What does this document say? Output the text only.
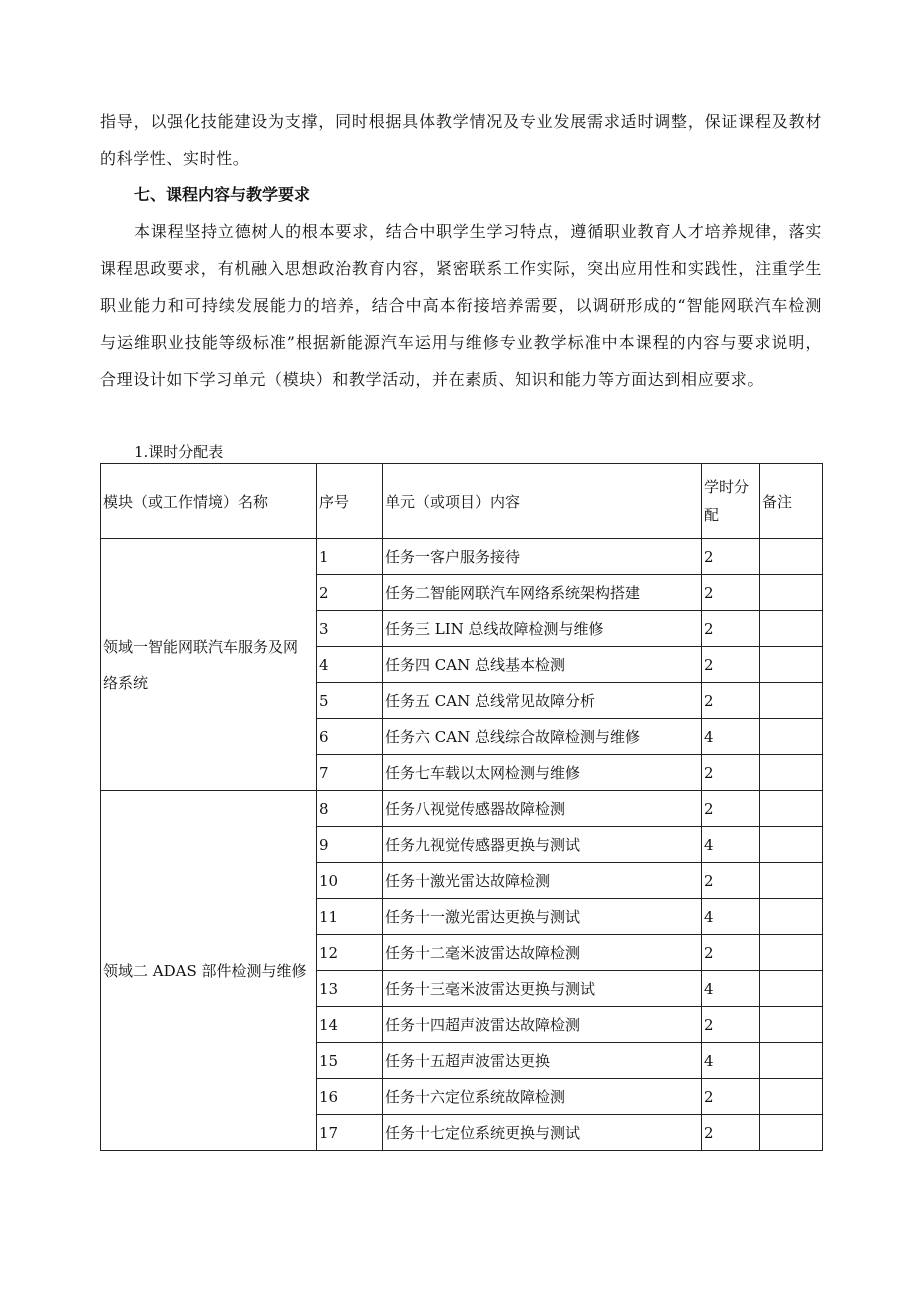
指导，以强化技能建设为支撑，同时根据具体教学情况及专业发展需求适时调整，保证课程及教材的科学性、实时性。

七、课程内容与教学要求

本课程坚持立德树人的根本要求，结合中职学生学习特点，遵循职业教育人才培养规律，落实课程思政要求，有机融入思想政治教育内容，紧密联系工作实际，突出应用性和实践性，注重学生职业能力和可持续发展能力的培养，结合中高本衔接培养需要，以调研形成的“智能网联汽车检测与运维职业技能等级标准”根据新能源汽车运用与维修专业教学标准中本课程的内容与要求说明，合理设计如下学习单元（模块）和教学活动，并在素质、知识和能力等方面达到相应要求。

1.课时分配表

模块（或工作情境）名称	序号	单元（或项目）内容	学时分配	备注
领域一智能网联汽车服务及网络系统	1	任务一客户服务接待	2	
	2	任务二智能网联汽车网络系统架构搭建	2	
	3	任务三 LIN 总线故障检测与维修	2	
	4	任务四 CAN 总线基本检测	2	
	5	任务五 CAN 总线常见故障分析	2	
	6	任务六 CAN 总线综合故障检测与维修	4	
	7	任务七车载以太网检测与维修	2	
领域二 ADAS 部件检测与维修	8	任务八视觉传感器故障检测	2	
	9	任务九视觉传感器更换与测试	4	
	10	任务十激光雷达故障检测	2	
	11	任务十一激光雷达更换与测试	4	
	12	任务十二毫米波雷达故障检测	2	
	13	任务十三毫米波雷达更换与测试	4	
	14	任务十四超声波雷达故障检测	2	
	15	任务十五超声波雷达更换	4	
	16	任务十六定位系统故障检测	2	
	17	任务十七定位系统更换与测试	2	
